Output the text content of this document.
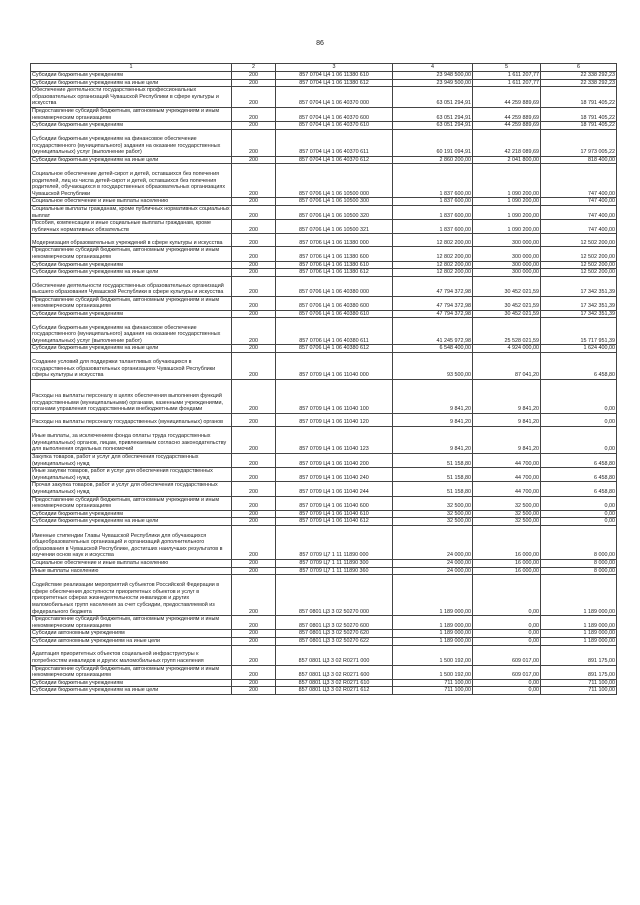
86
1	2	3	4	5	6
Субсидии бюджетным учреждениям	200	857 0704 Ц4 1 06 11380 610	23 948 500,00	1 611 207,77	22 338 292,23
Субсидии бюджетным учреждениям на иные цели	200	857 0704 Ц4 1 06 11380 612	23 949 500,00	1 611 207,77	22 338 292,23
Обеспечение деятельности государственных профессиональных образовательных организаций Чувашской Республики в сфере культуры и искусства	200	857 0704 Ц4 1 06 40370 000	63 051 294,91	44 259 889,69	18 791 405,22
Предоставление субсидий бюджетным, автономным учреждениям и иным некоммерческим организациям	200	857 0704 Ц4 1 06 40370 600	63 051 294,91	44 259 889,69	18 791 405,22
Субсидии бюджетным учреждениям	200	857 0704 Ц4 1 06 40370 610	63 051 294,91	44 259 889,69	18 791 405,22
Субсидии бюджетным учреждениям на финансовое обеспечение государственного (муниципального) задания на оказание государственных (муниципальных) услуг (выполнение работ)	200	857 0704 Ц4 1 06 40370 611	60 191 094,91	42 218 089,69	17 973 005,22
Субсидии бюджетным учреждениям на иные цели	200	857 0704 Ц4 1 06 40370 612	2 860 200,00	2 041 800,00	818 400,00
Социальное обеспечение детей-сирот и детей, оставшихся без попечения родителей, лиц из числа детей-сирот и детей, оставшихся без попечения родителей, обучающихся в государственных образовательных организациях Чувашской Республики	200	857 0706 Ц4 1 06 10500 000	1 837 600,00	1 090 200,00	747 400,00
Социальное обеспечение и иные выплаты населению	200	857 0706 Ц4 1 06 10500 300	1 837 600,00	1 090 200,00	747 400,00
Социальные выплаты гражданам, кроме публичных нормативных социальных выплат	200	857 0706 Ц4 1 06 10500 320	1 837 600,00	1 090 200,00	747 400,00
Пособия, компенсации и иные социальные выплаты гражданам, кроме публичных нормативных обязательств	200	857 0706 Ц4 1 06 10500 321	1 837 600,00	1 090 200,00	747 400,00
Модернизация образовательных учреждений в сфере культуры и искусства	200	857 0706 Ц4 1 06 11380 000	12 802 200,00	300 000,00	12 502 200,00
Предоставление субсидий бюджетным, автономным учреждениям и иным некоммерческим организациям	200	857 0706 Ц4 1 06 11380 600	12 802 200,00	300 000,00	12 502 200,00
Субсидии бюджетным учреждениям	200	857 0706 Ц4 1 06 11380 610	12 802 200,00	300 000,00	12 502 200,00
Субсидии бюджетным учреждениям на иные цели	200	857 0706 Ц4 1 06 11380 612	12 802 200,00	300 000,00	12 502 200,00
Обеспечение деятельности государственных образовательных организаций высшего образования Чувашской Республики в сфере культуры и искусства	200	857 0706 Ц4 1 06 40380 000	47 794 372,98	30 452 021,59	17 342 351,39
Предоставление субсидий бюджетным, автономным учреждениям и иным некоммерческим организациям	200	857 0706 Ц4 1 06 40380 600	47 794 372,98	30 452 021,59	17 342 351,39
Субсидии бюджетным учреждениям	200	857 0706 Ц4 1 06 40380 610	47 794 372,98	30 452 021,59	17 342 351,39
Субсидии бюджетным учреждениям на финансовое обеспечение государственного (муниципального) задания на оказание государственных (муниципальных) услуг (выполнение работ)	200	857 0706 Ц4 1 06 40380 611	41 245 972,98	25 528 021,59	15 717 951,39
Субсидии бюджетным учреждениям на иные цели	200	857 0706 Ц4 1 06 40380 612	6 548 400,00	4 924 000,00	1 624 400,00
Создание условий для поддержки талантливых обучающихся в государственных образовательных организациях Чувашской Республики сферы культуры и искусства	200	857 0709 Ц4 1 06 11040 000	93 500,00	87 041,20	6 458,80
Расходы на выплаты персоналу в целях обеспечения выполнения функций государственными (муниципальными) органами, казенными учреждениями, органами управления государственными внебюджетными фондами	200	857 0709 Ц4 1 06 11040 100	9 841,20	9 841,20	0,00
Расходы на выплаты персоналу государственных (муниципальных) органов	200	857 0709 Ц4 1 06 11040 120	9 841,20	9 841,20	0,00
Иные выплаты, за исключением фонда оплаты труда государственных (муниципальных) органов, лицам, привлекаемым согласно законодательству для выполнения отдельных полномочий	200	857 0709 Ц4 1 06 11040 123	9 841,20	9 841,20	0,00
Закупка товаров, работ и услуг для обеспечения государственных (муниципальных) нужд	200	857 0709 Ц4 1 06 11040 200	51 158,80	44 700,00	6 458,80
Иные закупки товаров, работ и услуг для обеспечения государственных (муниципальных) нужд	200	857 0709 Ц4 1 06 11040 240	51 158,80	44 700,00	6 458,80
Прочая закупка товаров, работ и услуг для обеспечения государственных (муниципальных) нужд	200	857 0709 Ц4 1 06 11040 244	51 158,80	44 700,00	6 458,80
Предоставление субсидий бюджетным, автономным учреждениям и иным некоммерческим организациям	200	857 0709 Ц4 1 06 11040 600	32 500,00	32 500,00	0,00
Субсидии бюджетным учреждениям	200	857 0709 Ц4 1 06 11040 610	32 500,00	32 500,00	0,00
Субсидии бюджетным учреждениям на иные цели	200	857 0709 Ц4 1 06 11040 612	32 500,00	32 500,00	0,00
Именные стипендии Главы Чувашской Республики для обучающихся общеобразовательных организаций и организаций дополнительного образования в Чувашской Республике, достигших наилучших результатов в изучении основ наук и искусства	200	857 0709 Ц7 1 11 11890 000	24 000,00	16 000,00	8 000,00
Социальное обеспечение и иные выплаты населению	200	857 0709 Ц7 1 11 11890 300	24 000,00	16 000,00	8 000,00
Иные выплаты населению	200	857 0709 Ц7 1 11 11890 360	24 000,00	16 000,00	8 000,00
Содействие реализации мероприятий субъектов Российской Федерации в сфере обеспечения доступности приоритетных объектов и услуг в приоритетных сферах жизнедеятельности инвалидов и других маломобильных групп населения за счет субсидии, предоставляемой из федерального бюджета	200	857 0801 Ц3 3 02 50270 000	1 189 000,00	0,00	1 189 000,00
Предоставление субсидий бюджетным, автономным учреждениям и иным некоммерческим организациям	200	857 0801 Ц3 3 02 50270 600	1 189 000,00	0,00	1 189 000,00
Субсидии автономным учреждениям	200	857 0801 Ц3 3 02 50270 620	1 189 000,00	0,00	1 189 000,00
Субсидии автономным учреждениям на иные цели	200	857 0801 Ц3 3 02 50270 622	1 189 000,00	0,00	1 189 000,00
Адаптация приоритетных объектов социальной инфраструктуры к потребностям инвалидов и других маломобильных групп населения	200	857 0801 Ц3 3 02 R0271 000	1 500 192,00	609 017,00	891 175,00
Предоставление субсидий бюджетным, автономным учреждениям и иным некоммерческим организациям	200	857 0801 Ц3 3 02 R0271 600	1 500 192,00	609 017,00	891 175,00
Субсидии бюджетным учреждениям	200	857 0801 Ц3 3 02 R0271 610	711 100,00	0,00	711 100,00
Субсидии бюджетным учреждениям на иные цели	200	857 0801 Ц3 3 02 R0271 612	711 100,00	0,00	711 100,00
